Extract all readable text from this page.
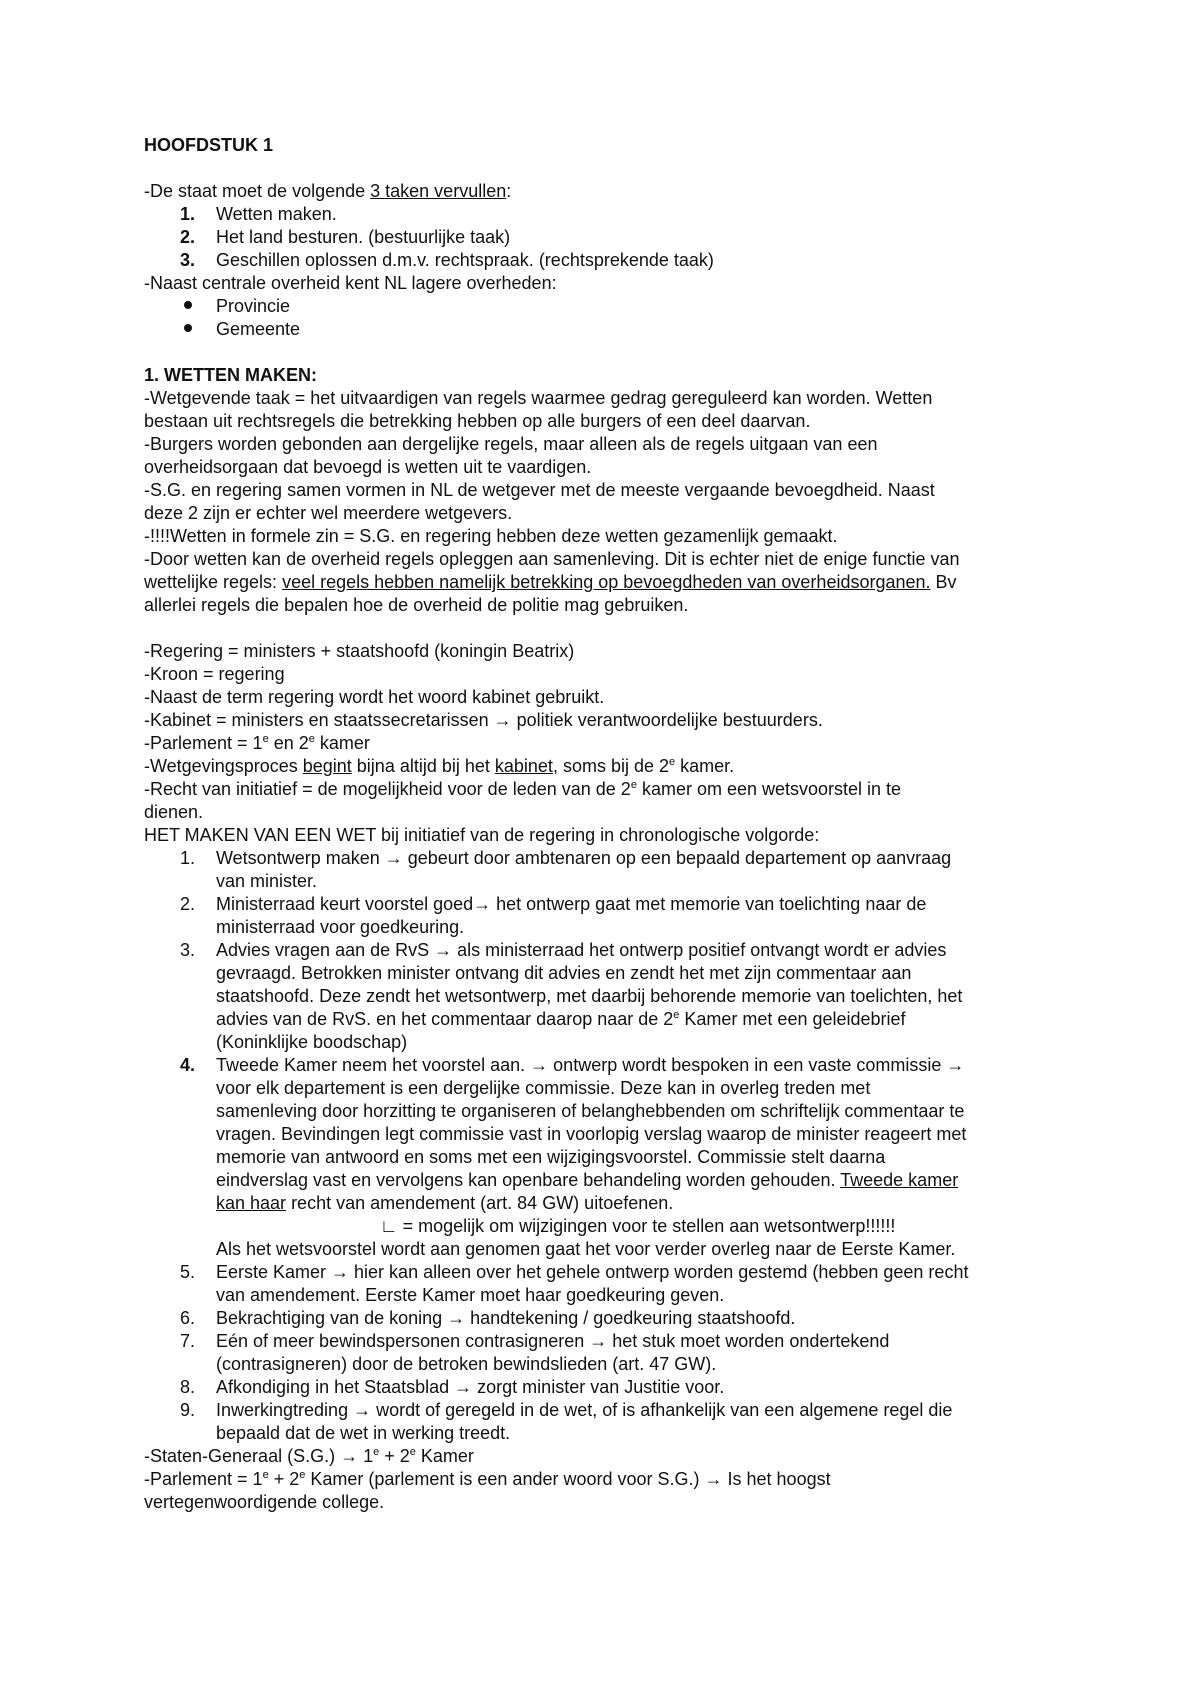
HOOFDSTUK 1
-De staat moet de volgende 3 taken vervullen:
1.	Wetten maken.
2.	Het land besturen. (bestuurlijke taak)
3.	Geschillen oplossen d.m.v. rechtspraak. (rechtsprekende taak)
-Naast centrale overheid kent NL lagere overheden:
Provincie
Gemeente
1. WETTEN MAKEN:
-Wetgevende taak = het uitvaardigen van regels waarmee gedrag gereguleerd kan worden. Wetten
bestaan uit rechtsregels die betrekking hebben op alle burgers of een deel daarvan.
-Burgers worden gebonden aan dergelijke regels, maar alleen als de regels uitgaan van een
overheidsorgaan dat bevoegd is wetten uit te vaardigen.
-S.G. en regering samen vormen in NL de wetgever met de meeste vergaande bevoegdheid. Naast
deze 2 zijn er echter wel meerdere wetgevers.
-!!!!Wetten in formele zin = S.G. en regering hebben deze wetten gezamenlijk gemaakt.
-Door wetten kan de overheid regels opleggen aan samenleving. Dit is echter niet de enige functie van
wettelijke regels: veel regels hebben namelijk betrekking op bevoegdheden van overheidsorganen. Bv
allerlei regels die bepalen hoe de overheid de politie mag gebruiken.
-Regering = ministers + staatshoofd (koningin Beatrix)
-Kroon = regering
-Naast de term regering wordt het woord kabinet gebruikt.
-Kabinet = ministers en staatssecretarissen → politiek verantwoordelijke bestuurders.
-Parlement = $1^e$ en 2e kamer
-Wetgevingsproces begint bijna altijd bij het kabinet, soms bij de 2e kamer.
-Recht van initiatief = de mogelijkheid voor de leden van de 2e kamer om een wetsvoorstel in te
dienen.
HET MAKEN VAN EEN WET bij initiatief van de regering in chronologische volgorde:
1.	Wetsontwerp maken → gebeurt door ambtenaren op een bepaald departement op aanvraag
van minister.
2.	Ministerraad keurt voorstel goed→ het ontwerp gaat met memorie van toelichting naar de
ministerraad voor goedkeuring.
3.	Advies vragen aan de RvS → als ministerraad het ontwerp positief ontvangt wordt er advies
gevraagd. Betrokken minister ontvang dit advies en zendt het met zijn commentaar aan
staatshoofd. Deze zendt het wetsontwerp, met daarbij behorende memorie van toelichten, het
advies van de RvS. en het commentaar daarop naar de 2e Kamer met een geleidebrief
(Koninklijke boodschap)
4.	Tweede Kamer neem het voorstel aan. → ontwerp wordt bespoken in een vaste commissie →
voor elk departement is een dergelijke commissie. Deze kan in overleg treden met
samenleving door horzitting te organiseren of belanghebbenden om schriftelijk commentaar te
vragen. Bevindingen legt commissie vast in voorlopig verslag waarop de minister reageert met
memorie van antwoord en soms met een wijzigingsvoorstel. Commissie stelt daarna
eindverslag vast en vervolgens kan openbare behandeling worden gehouden. Tweede kamer
kan haar recht van amendement (art. 84 GW) uitoefenen.
∟ = mogelijk om wijzigingen voor te stellen aan wetsontwerp!!!!!!
Als het wetsvoorstel wordt aan genomen gaat het voor verder overleg naar de Eerste Kamer.
5.	Eerste Kamer → hier kan alleen over het gehele ontwerp worden gestemd (hebben geen recht
van amendement. Eerste Kamer moet haar goedkeuring geven.
6.	Bekrachtiging van de koning → handtekening / goedkeuring staatshoofd.
7.	Eén of meer bewindspersonen contrasigneren → het stuk moet worden ondertekend
(contrasigneren) door de betroken bewindslieden (art. 47 GW).
8.	Afkondiging in het Staatsblad → zorgt minister van Justitie voor.
9.	Inwerkingtreding → wordt of geregeld in de wet, of is afhankelijk van een algemene regel die
bepaald dat de wet in werking treedt.
-Staten-Generaal $(S.G.) \to 1^e + 2^e$ Kamer
-Parlement = $1^e + 2^e$ Kamer (parlement is een ander woord voor S.G.) → Is het hoogst
vertegenwoordigende college.
